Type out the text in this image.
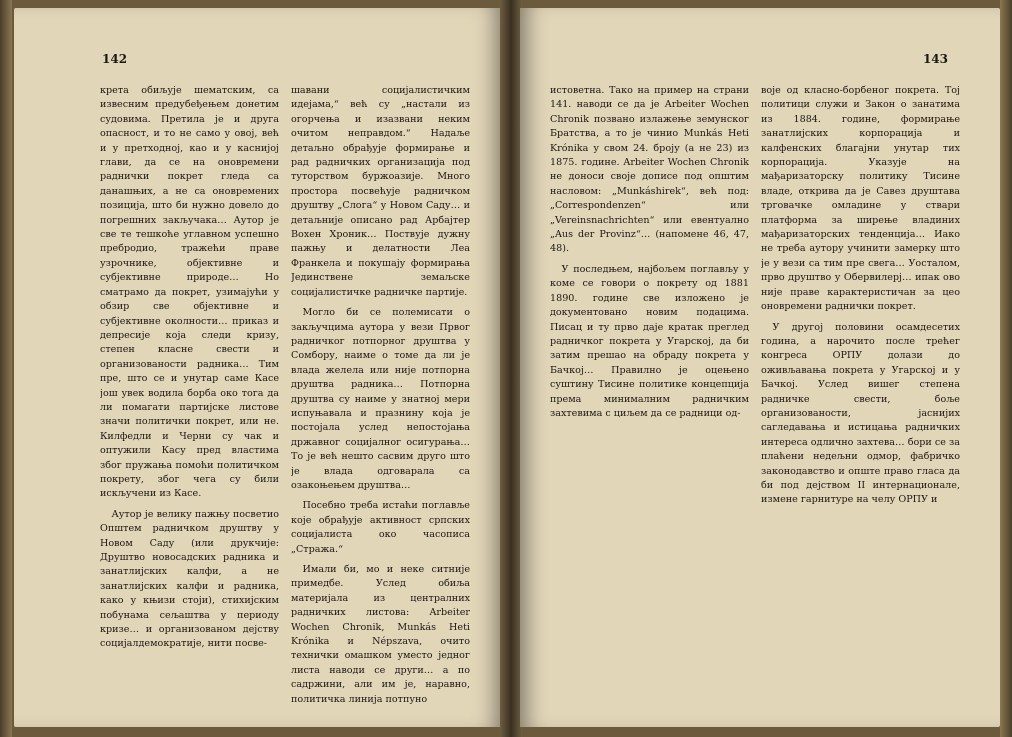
142

крета обиљује шематским, са извесним предубеђењем донетим судовима. Претила је и друга опасност, и то не само у овој, већ и у претходној, као и у каснијој глави, да се на оновремени раднички покрет гледа са данашњих, а не са оновремених позиција, што би нужно довело до погрешних закључака… Аутор је све те тешкоће углавном успешно пребродио, тражећи праве узрочнике, објективне и субјективне природе… Но сматрамо да покрет, узимајући у обзир све објективне и субјективне околности… приказ и депресије која следи кризу, степен класне свести и организованости радника… Тим пре, што се и унутар саме Касе још увек водила борба око тога да ли помагати партијске листове значи политички покрет, или не. Килфедли и Черни су чак и оптужили Касу пред властима због пружања помоћи политичком покрету, због чега су били искључени из Касе.

Аутор је велику пажњу посветио Општем радничком друштву у Новом Саду (или друкчије: Друштво новосадских радника и занатлијских калфи, а не занатлијских калфи и радника, како у књизи стоји), стихијским побунама сељаштва у периоду кризе… и организованом дејству социјалдемократије, нити посве-

шавани социјалистичким идејама,“ већ су „настали из огорчења и изазвани неким очитом неправдом.“ Надаље детаљно обрађује формирање и рад радничких организација под туторством буржоазије. Много простора посвећује радничком друштву „Слога“ у Новом Саду… и детаљније описано рад Арбајтер Вохен Хроник… Поствује дужну пажњу и делатности Леа Франкела и покушају формирања Јединствене земаљске социјалистичке радничке партије.

Могло би се полемисати о закључцима аутора у вези Првог радничког потпорног друштва у Сомбору, наиме о томе да ли је влада желела или није потпорна друштва радника… Потпорна друштва су наиме у знатној мери испуњавала и празнину која је постојала услед непостојања државног социјалног осигурања… То је већ нешто сасвим друго што је влада одговарала са озакоњењем друштва…

Посебно треба истаћи поглавље које обрађује активност српских социјалиста око часописа „Стража.“

Имали би, мо и неке ситније примедбе. Услед обиља материјала из централних радничких листова: Arbeiter Wochen Chronik, Munkás Heti Krónika и Népszava, очито технички омашком уместо једног листа наводи се други… а по садржини, али им је, наравно, политичка линија потпуно

143

истоветна. Тако на пример на страни 141. наводи се да је Arbeiter Wochen Chronik позвано излажење земунског Братства, а то је чинио Munkás Heti Krónika у свом 24. броју (а не 23) из 1875. године. Arbeiter Wochen Chronik не доноси своје дописе под општим насловом: „Munkáshirek“, већ под: „Correspondenzen“ или „Vereinsnachrichten“ или евентуално „Aus der Provinz“… (напомене 46, 47, 48).

У последњем, најбољем поглављу у коме се говори о покрету од 1881 1890. године све изложено је документовано новим подацима. Писац и ту прво даје кратак преглед радничког покрета у Угарској, да би затим прешао на обраду покрета у Бачкој… Правилно је оцењено суштину Тисине политике концепција према минималним радничким захтевима с циљем да се радници од-

воје од класно-борбеног покрета. Тој политици служи и Закон о занатима из 1884. године, формирање занатлијских корпорација и калфенских благајни унутар тих корпорација. Указује на мађаризаторску политику Тисине владе, открива да је Савез друштава трговачке омладине у ствари платформа за ширење владиних мађаризаторских тенденција… Иако не треба аутору учинити замерку што је у вези са тим пре свега… Уосталом, прво друштво у Обервилерј… ипак ово није праве карактеристичан за цео оновремени раднички покрет.

У другој половини осамдесетих година, а нарочито после трећег конгреса ОРПУ долази до оживљавања покрета у Угарској и у Бачкој. Услед вишег степена радничке свести, боље организованости, јаснијих сагледавања и истицања радничких интереса одлично захтева… бори се за плаћени недељни одмор, фабричко законодавство и опште право гласа да би под дејством II интернационале, измене гарнитуре на челу ОРПУ и
